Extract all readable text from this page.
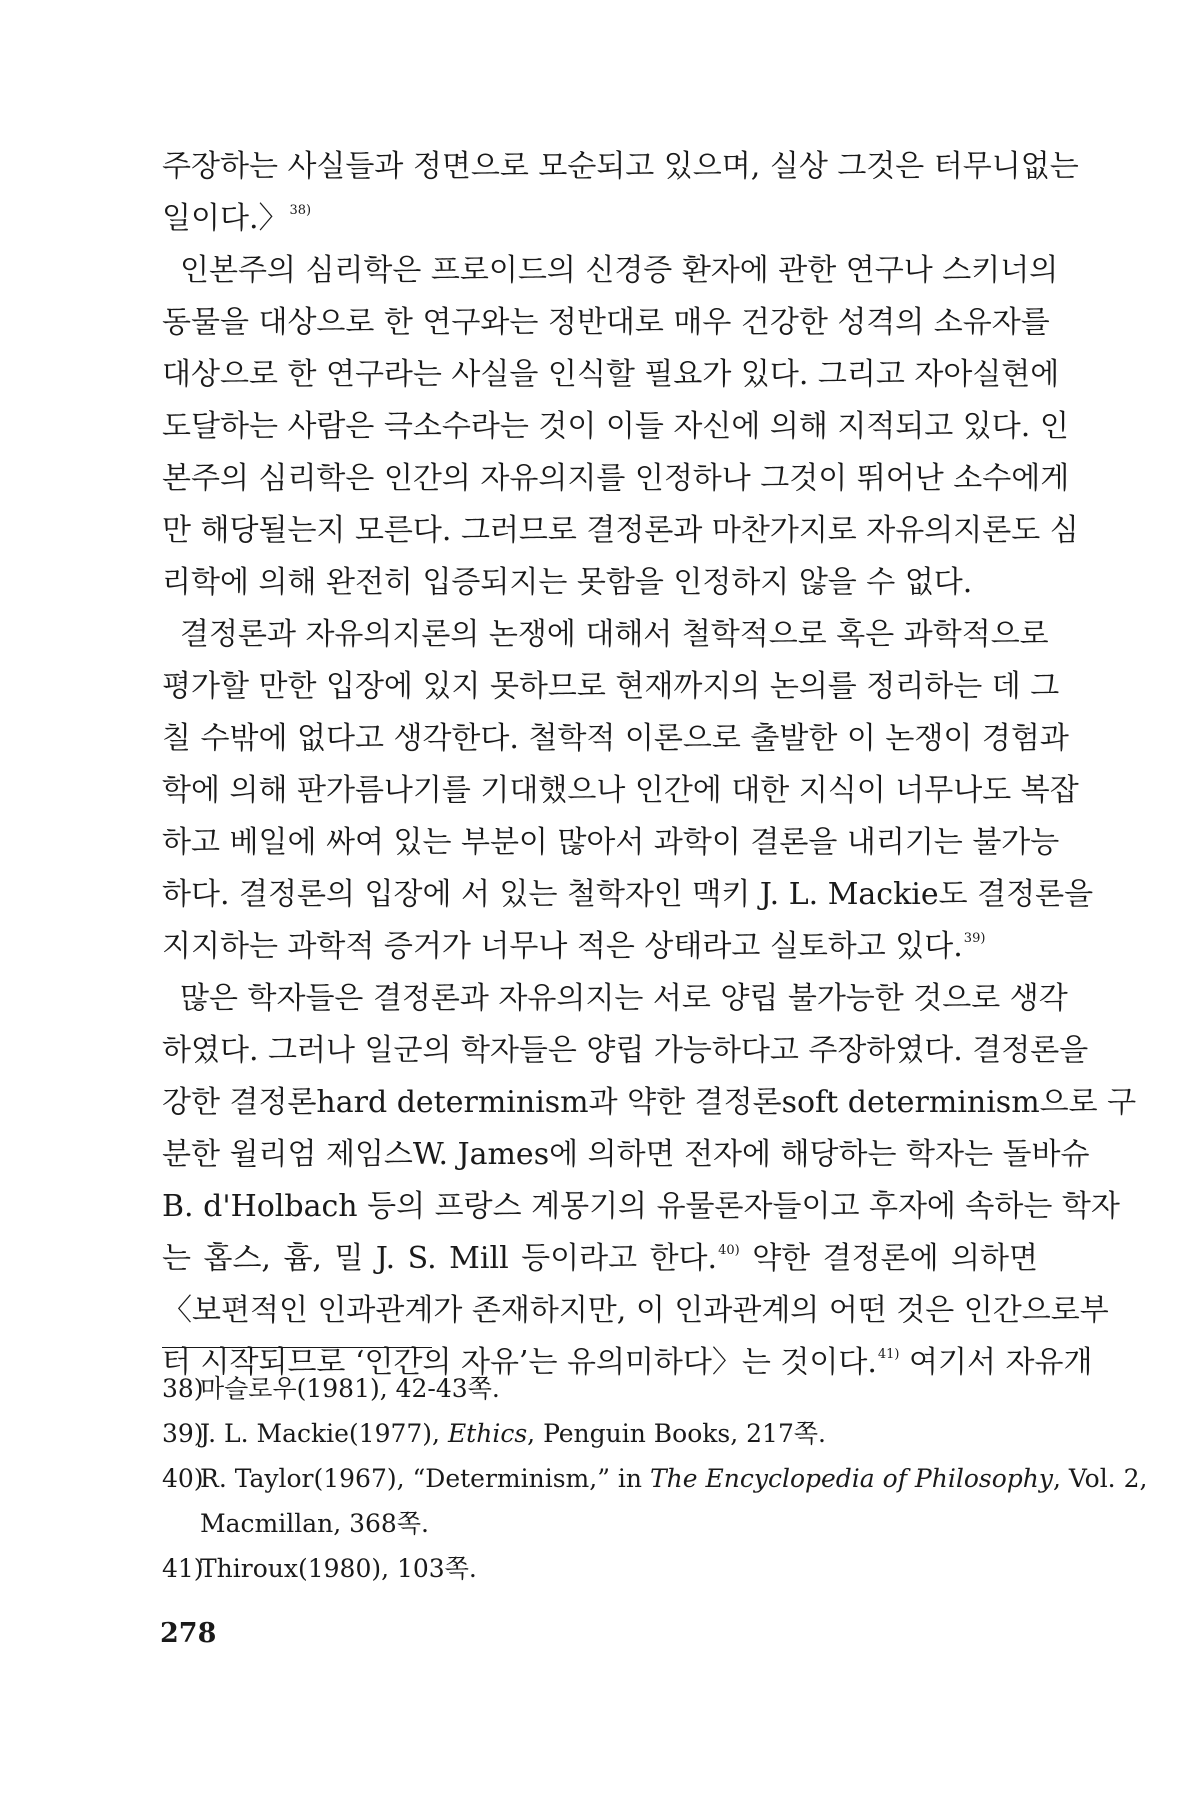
주장하는 사실들과 정면으로 모순되고 있으며, 실상 그것은 터무니없는
일이다.〉$^{38)}$
인본주의 심리학은 프로이드의 신경증 환자에 관한 연구나 스키너의
동물을 대상으로 한 연구와는 정반대로 매우 건강한 성격의 소유자를
대상으로 한 연구라는 사실을 인식할 필요가 있다. 그리고 자아실현에
도달하는 사람은 극소수라는 것이 이들 자신에 의해 지적되고 있다. 인
본주의 심리학은 인간의 자유의지를 인정하나 그것이 뛰어난 소수에게
만 해당될는지 모른다. 그러므로 결정론과 마찬가지로 자유의지론도 심
리학에 의해 완전히 입증되지는 못함을 인정하지 않을 수 없다.
결정론과 자유의지론의 논쟁에 대해서 철학적으로 혹은 과학적으로
평가할 만한 입장에 있지 못하므로 현재까지의 논의를 정리하는 데 그
칠 수밖에 없다고 생각한다. 철학적 이론으로 출발한 이 논쟁이 경험과
학에 의해 판가름나기를 기대했으나 인간에 대한 지식이 너무나도 복잡
하고 베일에 싸여 있는 부분이 많아서 과학이 결론을 내리기는 불가능
하다. 결정론의 입장에 서 있는 철학자인 맥키 J. L. Mackie도 결정론을
지지하는 과학적 증거가 너무나 적은 상태라고 실토하고 있다.$^{39)}$
많은 학자들은 결정론과 자유의지는 서로 양립 불가능한 것으로 생각
하였다. 그러나 일군의 학자들은 양립 가능하다고 주장하였다. 결정론을
강한 결정론hard determinism과 약한 결정론soft determinism으로 구
분한 윌리엄 제임스W. James에 의하면 전자에 해당하는 학자는 돌바슈
B. d'Holbach 등의 프랑스 계몽기의 유물론자들이고 후자에 속하는 학자
는 홉스, 흄, 밀 J. S. Mill 등이라고 한다.$^{40)}$ 약한 결정론에 의하면
〈보편적인 인과관계가 존재하지만, 이 인과관계의 어떤 것은 인간으로부
터 시작되므로 ‘인간의 자유’는 유의미하다〉는 것이다.$^{41)}$ 여기서 자유개
38)마슬로우(1981), 42-43쪽.
39)J. L. Mackie(1977), Ethics, Penguin Books, 217쪽.
40)R. Taylor(1967), “Determinism,” in The Encyclopedia of Philosophy, Vol. 2,
Macmillan, 368쪽.
41)Thiroux(1980), 103쪽.
278
